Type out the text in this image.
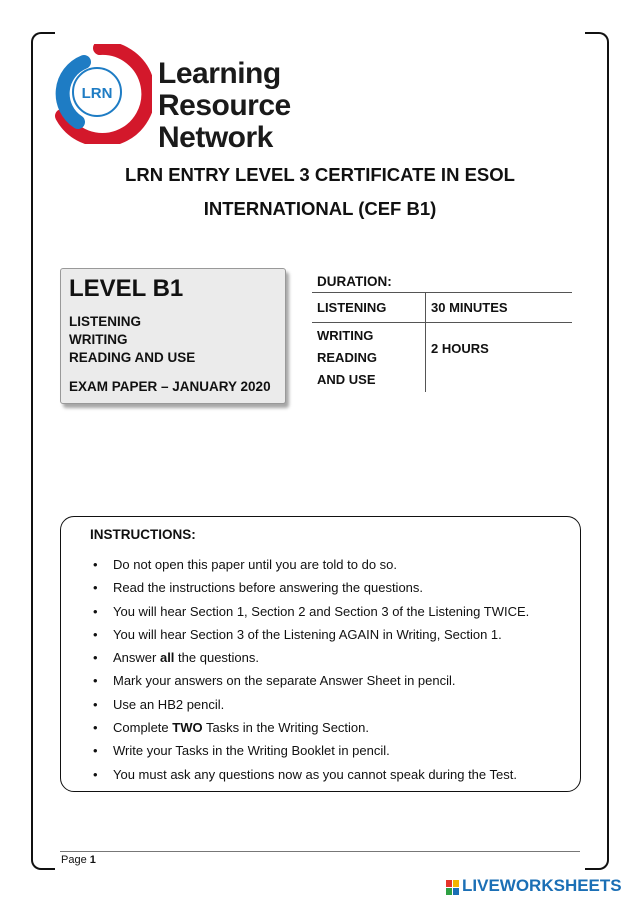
LRN
Learning
Resource Network
LRN ENTRY LEVEL 3 CERTIFICATE IN ESOL
INTERNATIONAL (CEF B1)
LEVEL B1
LISTENING
WRITING
READING AND USE
EXAM PAPER – JANUARY 2020
DURATION:
LISTENING	30 MINUTES
WRITING
READING
AND USE
2 HOURS
INSTRUCTIONS:
• Do not open this paper until you are told to do so.
• Read the instructions before answering the questions.
• You will hear Section 1, Section 2 and Section 3 of the Listening TWICE.
• You will hear Section 3 of the Listening AGAIN in Writing, Section 1.
• Answer all the questions.
• Mark your answers on the separate Answer Sheet in pencil.
• Use an HB2 pencil.
• Complete TWO Tasks in the Writing Section.
• Write your Tasks in the Writing Booklet in pencil.
• You must ask any questions now as you cannot speak during the Test.
Page 1
LIVEWORKSHEETS
